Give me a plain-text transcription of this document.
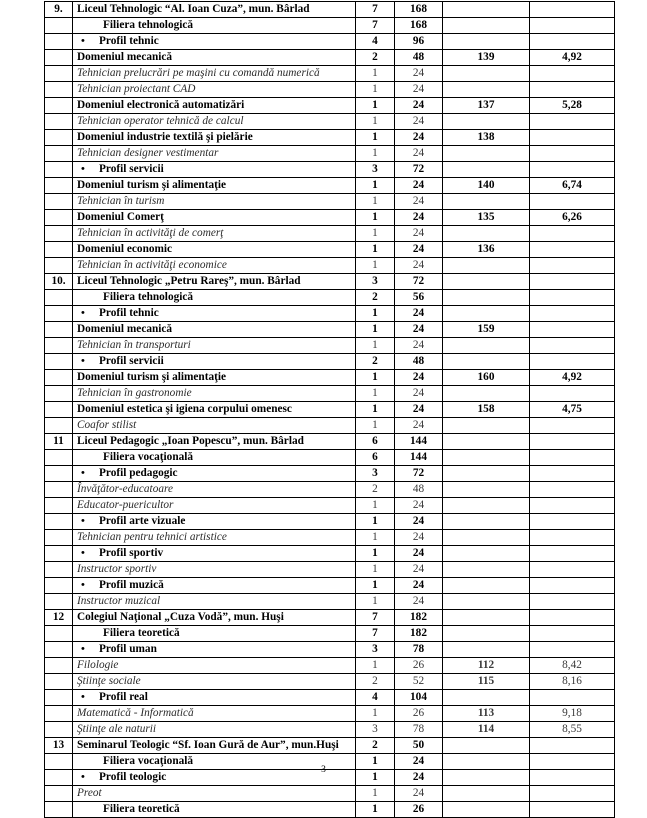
9.	Liceul Tehnologic “Al. Ioan Cuza”, mun. Bârlad	7	168		
	Filiera tehnologică	7	168		

	• Profil tehnic	4	96		
	Domeniul mecanică	2	48	139	4,92
	Tehnician prelucrări pe maşini cu comandă numerică	1	24		
	Tehnician proiectant CAD	1	24		
	Domeniul electronică automatizări	1	24	137	5,28
	Tehnician operator tehnică de calcul	1	24		
	Domeniul industrie textilă şi pielărie	1	24	138	
	Tehnician designer vestimentar	1	24		

	• Profil servicii	3	72		
	Domeniul turism şi alimentaţie	1	24	140	6,74
	Tehnician în turism	1	24		
	Domeniul Comerţ	1	24	135	6,26
	Tehnician în activităţi de comerţ	1	24		
	Domeniul economic	1	24	136	
	Tehnician în activităţi economice	1	24		
10.	Liceul Tehnologic „Petru Rareş”, mun. Bârlad	3	72		
	Filiera tehnologică	2	56		

	• Profil tehnic	1	24		
	Domeniul mecanică	1	24	159	
	Tehnician în transporturi	1	24		

	• Profil servicii	2	48		
	Domeniul turism şi alimentaţie	1	24	160	4,92
	Tehnician în gastronomie	1	24		
	Domeniul estetica şi igiena corpului omenesc	1	24	158	4,75
	Coafor stilist	1	24		
11	Liceul Pedagogic „Ioan Popescu”, mun. Bârlad	6	144		
	Filiera vocaţională	6	144		

	• Profil pedagogic	3	72		
	Învăţător-educatoare	2	48		
	Educator-puericultor	1	24		

	• Profil arte vizuale	1	24		
	Tehnician pentru tehnici artistice	1	24		

	• Profil sportiv	1	24		
	Instructor sportiv	1	24		

	• Profil muzică	1	24		
	Instructor muzical	1	24		
12	Colegiul Naţional „Cuza Vodă”, mun. Huşi	7	182		
	Filiera teoretică	7	182		

	• Profil uman	3	78		
	Filologie	1	26	112	8,42
	Ştiinţe sociale	2	52	115	8,16

	• Profil real	4	104		
	Matematică - Informatică	1	26	113	9,18
	Ştiinţe ale naturii	3	78	114	8,55
13	Seminarul Teologic “Sf. Ioan Gură de Aur”, mun.Huşi	2	50		
	Filiera vocaţională	1	24		

	• Profil teologic	1	24		
	Preot	1	24		
	Filiera teoretică	1	26		
3
